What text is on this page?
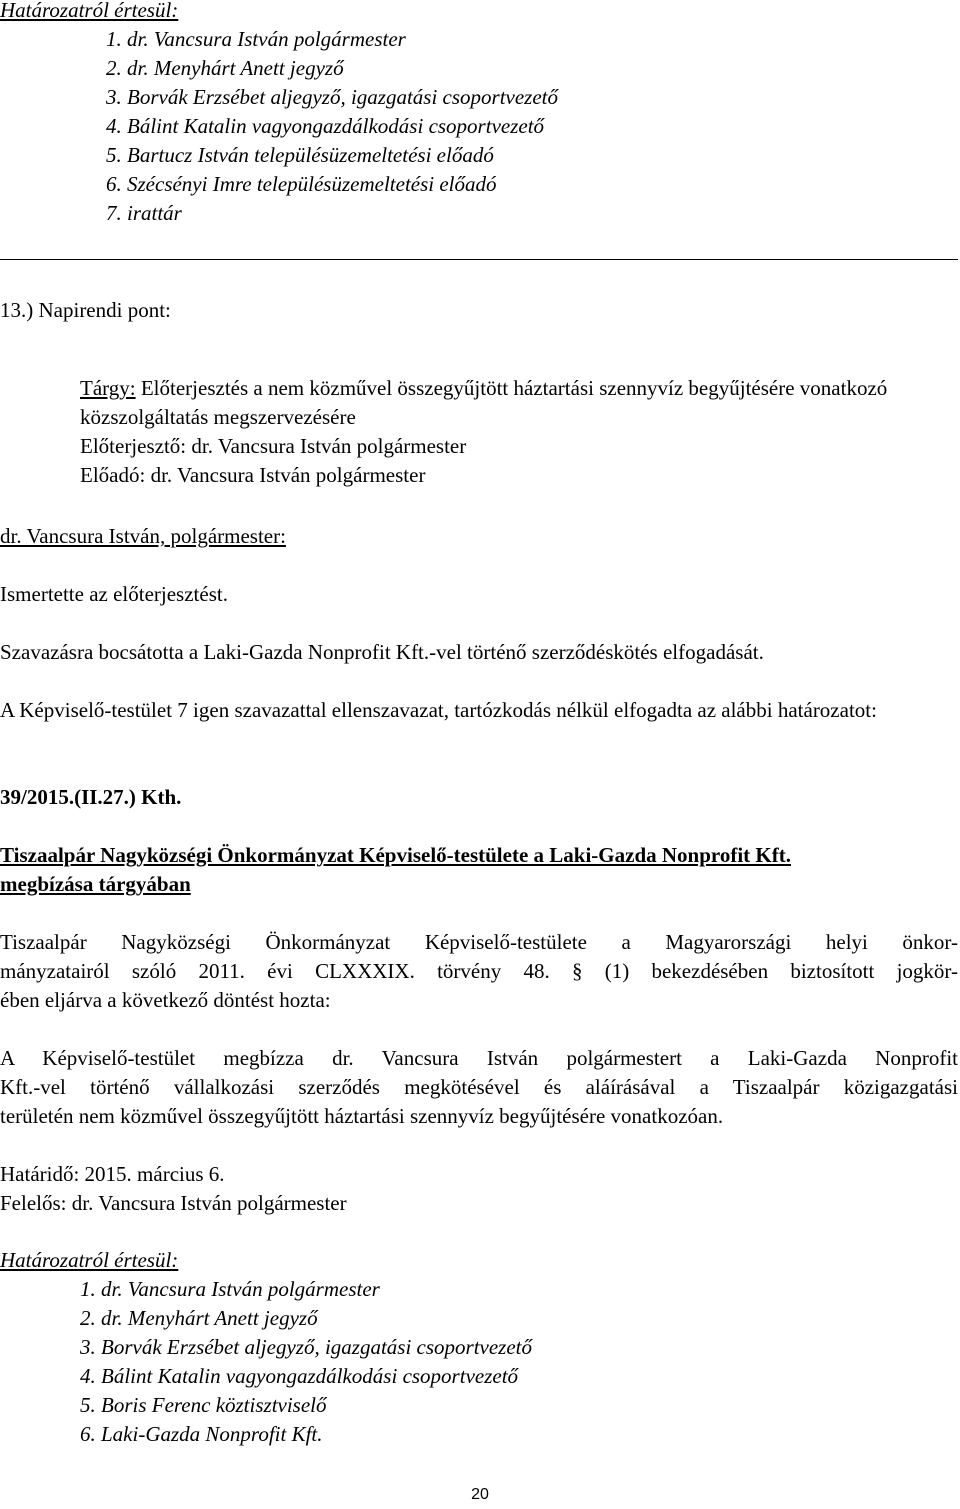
Határozatról értesül:
1. dr. Vancsura István polgármester
2. dr. Menyhárt Anett jegyző
3. Borvák Erzsébet aljegyző, igazgatási csoportvezető
4. Bálint Katalin vagyongazdálkodási csoportvezető
5. Bartucz István településüzemeltetési előadó
6. Szécsényi Imre településüzemeltetési előadó
7. irattár
13.) Napirendi pont:
Tárgy: Előterjesztés a nem közművel összegyűjtött háztartási szennyvíz begyűjtésére vonatkozó közszolgáltatás megszervezésére
Előterjesztő: dr. Vancsura István polgármester
Előadó: dr. Vancsura István polgármester
dr. Vancsura István, polgármester:
Ismertette az előterjesztést.
Szavazásra bocsátotta a Laki-Gazda Nonprofit Kft.-vel történő szerződéskötés elfogadását.
A Képviselő-testület 7 igen szavazattal ellenszavazat, tartózkodás nélkül elfogadta az alábbi határozatot:
39/2015.(II.27.) Kth.
Tiszaalpár Nagyközségi Önkormányzat Képviselő-testülete a Laki-Gazda Nonprofit Kft.
megbízása tárgyában
Tiszaalpár Nagyközségi Önkormányzat Képviselő-testülete a Magyarországi helyi önkor-
mányzatairól szóló 2011. évi CLXXXIX. törvény 48. § (1) bekezdésében biztosított jogkör-
ében eljárva a következő döntést hozta:
A Képviselő-testület megbízza dr. Vancsura István polgármestert a Laki-Gazda Nonprofit
Kft.-vel történő vállalkozási szerződés megkötésével és aláírásával a Tiszaalpár közigazgatási
területén nem közművel összegyűjtött háztartási szennyvíz begyűjtésére vonatkozóan.
Határidő: 2015. március 6.
Felelős: dr. Vancsura István polgármester
Határozatról értesül:
1. dr. Vancsura István polgármester
2. dr. Menyhárt Anett jegyző
3. Borvák Erzsébet aljegyző, igazgatási csoportvezető
4. Bálint Katalin vagyongazdálkodási csoportvezető
5. Boris Ferenc köztisztviselő
6. Laki-Gazda Nonprofit Kft.
20
